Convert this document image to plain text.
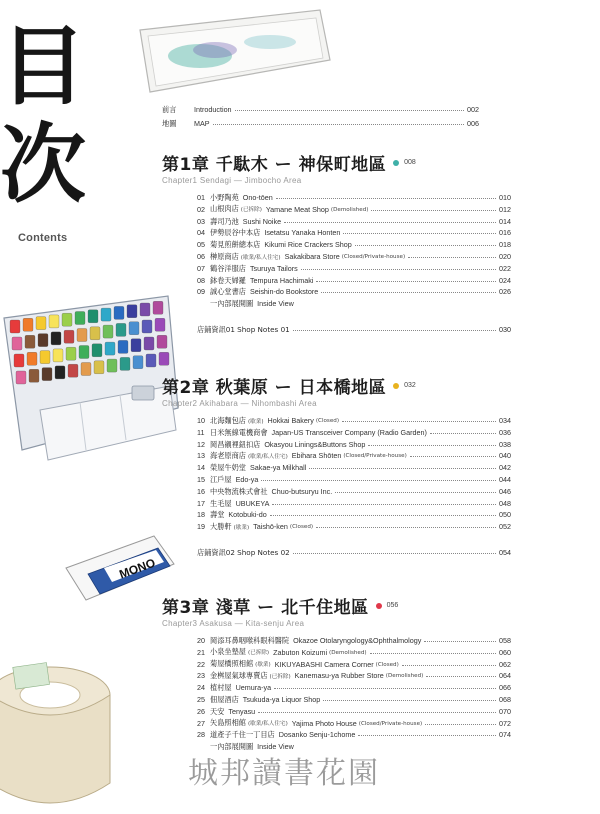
目
次
Contents
MONO
前言	Introduction	002
地圖	MAP	006
第1章 千駄木 ー 神保町地區	008
Chapter1 Sendagi — Jimbocho Area
01 小野陶苑 Ono-tōen	010
02 山根肉店 (已拆除) Yamane Meat Shop (Demolished)	012
03 壽司乃池 Sushi Noike	014
04 伊勢辰谷中本店 Isetatsu Yanaka Honten	016
05 菊見煎餅總本店 Kikumi Rice Crackers Shop	018
06 榊原商店 (歇業/私人住宅) Sakakibara Store (Closed/Private-house)	020
07 鶴谷洋服店 Tsuruya Tailors	022
08 鉢卷天婦羅 Tempura Hachimaki	024
09 誠心堂書店 Seishin-do Bookstore	026
一內部展開圖 Inside View
店鋪資訊01 Shop Notes 01	030
第2章 秋葉原 ー 日本橋地區	032
Chapter2 Akihabara — Nihombashi Area
10 北海麵包店 (歇業) Hokkai Bakery (Closed)	034
11 日米無線電機商會 Japan-US Transceiver Company (Radio Garden)	036
12 岡昌襯裡鈕扣店 Okasyou Linings&Buttons Shop	038
13 海老原商店 (歇業/私人住宅) Ebihara Shōten (Closed/Private-house)	040
14 榮屋牛奶堂 Sakae-ya Milkhall	042
15 江戶屋 Edo-ya	044
16 中央物流株式會社 Chuo-butsuryu Inc.	046
17 生毛屋 UBUKEYA	048
18 壽堂 Kotobuki-do	050
19 大勝軒 (歇業) Taishō-ken (Closed)	052
店鋪資訊02 Shop Notes 02	054
第3章 淺草 ー 北千住地區	056
Chapter3 Asakusa — Kita-senju Area
20 岡添耳鼻咽喉科眼科醫院 Okazoe Otolaryngology&Ophthalmology	058
21 小泉坐墊屋 (已拆除) Zabuton Koizumi (Demolished)	060
22 菊屋橋照相館 (歇業) KIKUYABASHI Camera Corner (Closed)	062
23 金桝屋氣球專賣店 (已拆除) Kanemasu-ya Rubber Store (Demolished)	064
24 植村屋 Uemura-ya	066
25 佃屋酒店 Tsukuda-ya Liquor Shop	068
26 天安 Tenyasu	070
27 矢島照相館 (歇業/私人住宅) Yajima Photo House (Closed/Private-house)	072
28 道產子千住一丁目店 Dosanko Senju-1chome	074
一內部展開圖 Inside View
城邦讀書花園
